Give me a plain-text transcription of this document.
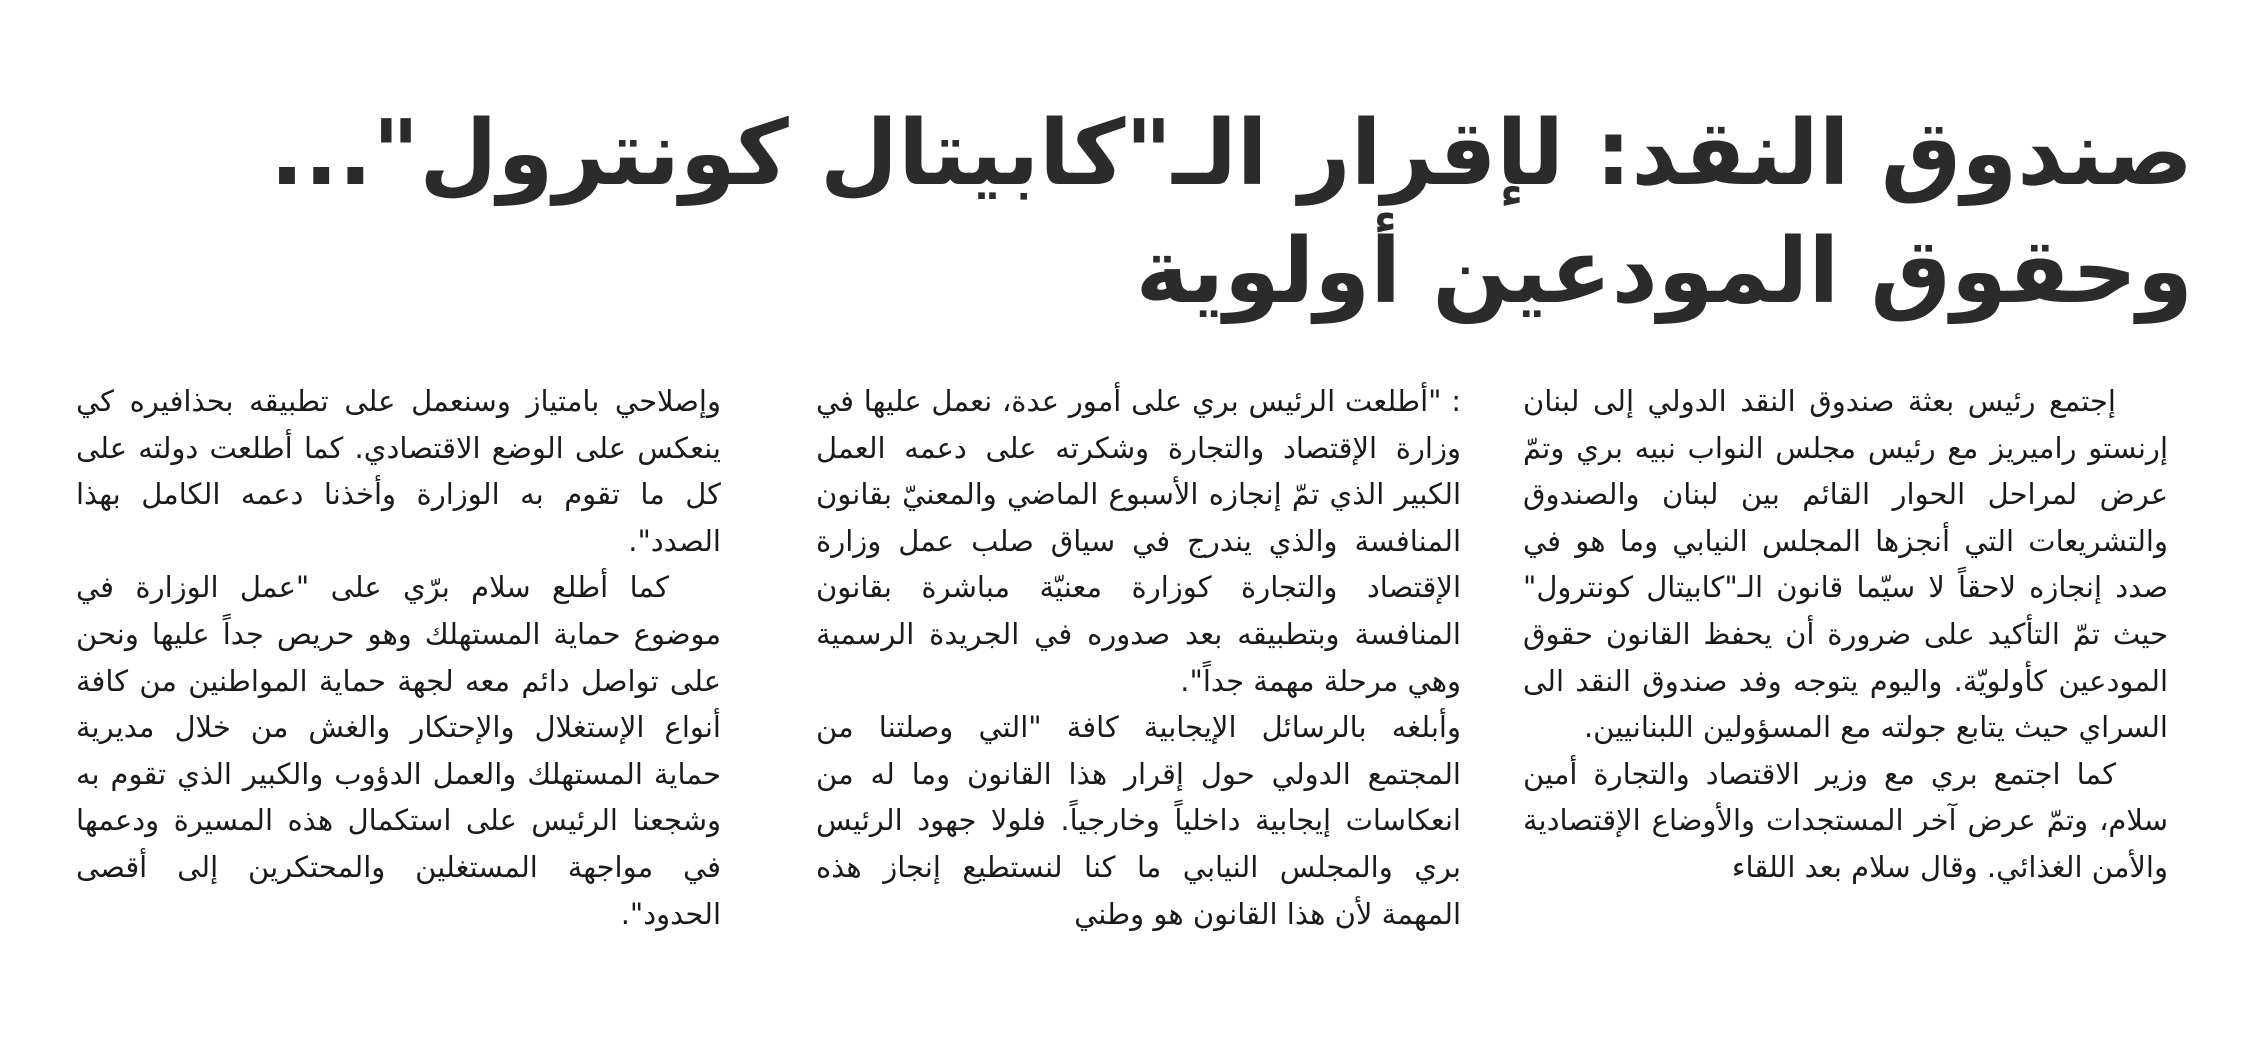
صندوق النقد: لإقرار الـ"كابيتال كونترول"...
وحقوق المودعين أولوية

إجتمع رئيس بعثة صندوق النقد الدولي إلى لبنان إرنستو راميريز مع رئيس مجلس النواب نبيه بري وتمّ عرض لمراحل الحوار القائم بين لبنان والصندوق والتشريعات التي أنجزها المجلس النيابي وما هو في صدد إنجازه لاحقاً لا سيّما قانون الـ"كابيتال كونترول" حيث تمّ التأكيد على ضرورة أن يحفظ القانون حقوق المودعين كأولويّة. واليوم يتوجه وفد صندوق النقد الى السراي حيث يتابع جولته مع المسؤولين اللبنانيين.

كما اجتمع بري مع وزير الاقتصاد والتجارة أمين سلام، وتمّ عرض آخر المستجدات والأوضاع الإقتصادية والأمن الغذائي. وقال سلام بعد اللقاء

: "أطلعت الرئيس بري على أمور عدة، نعمل عليها في وزارة الإقتصاد والتجارة وشكرته على دعمه العمل الكبير الذي تمّ إنجازه الأسبوع الماضي والمعنيّ بقانون المنافسة والذي يندرج في سياق صلب عمل وزارة الإقتصاد والتجارة كوزارة معنيّة مباشرة بقانون المنافسة وبتطبيقه بعد صدوره في الجريدة الرسمية وهي مرحلة مهمة جداً".

وأبلغه بالرسائل الإيجابية كافة "التي وصلتنا من المجتمع الدولي حول إقرار هذا القانون وما له من انعكاسات إيجابية داخلياً وخارجياً. فلولا جهود الرئيس بري والمجلس النيابي ما كنا لنستطيع إنجاز هذه المهمة لأن هذا القانون هو وطني

وإصلاحي بامتياز وسنعمل على تطبيقه بحذافيره كي ينعكس على الوضع الاقتصادي. كما أطلعت دولته على كل ما تقوم به الوزارة وأخذنا دعمه الكامل بهذا الصدد".

كما أطلع سلام برّي على "عمل الوزارة في موضوع حماية المستهلك وهو حريص جداً عليها ونحن على تواصل دائم معه لجهة حماية المواطنين من كافة أنواع الإستغلال والإحتكار والغش من خلال مديرية حماية المستهلك والعمل الدؤوب والكبير الذي تقوم به وشجعنا الرئيس على استكمال هذه المسيرة ودعمها في مواجهة المستغلين والمحتكرين إلى أقصى الحدود".
